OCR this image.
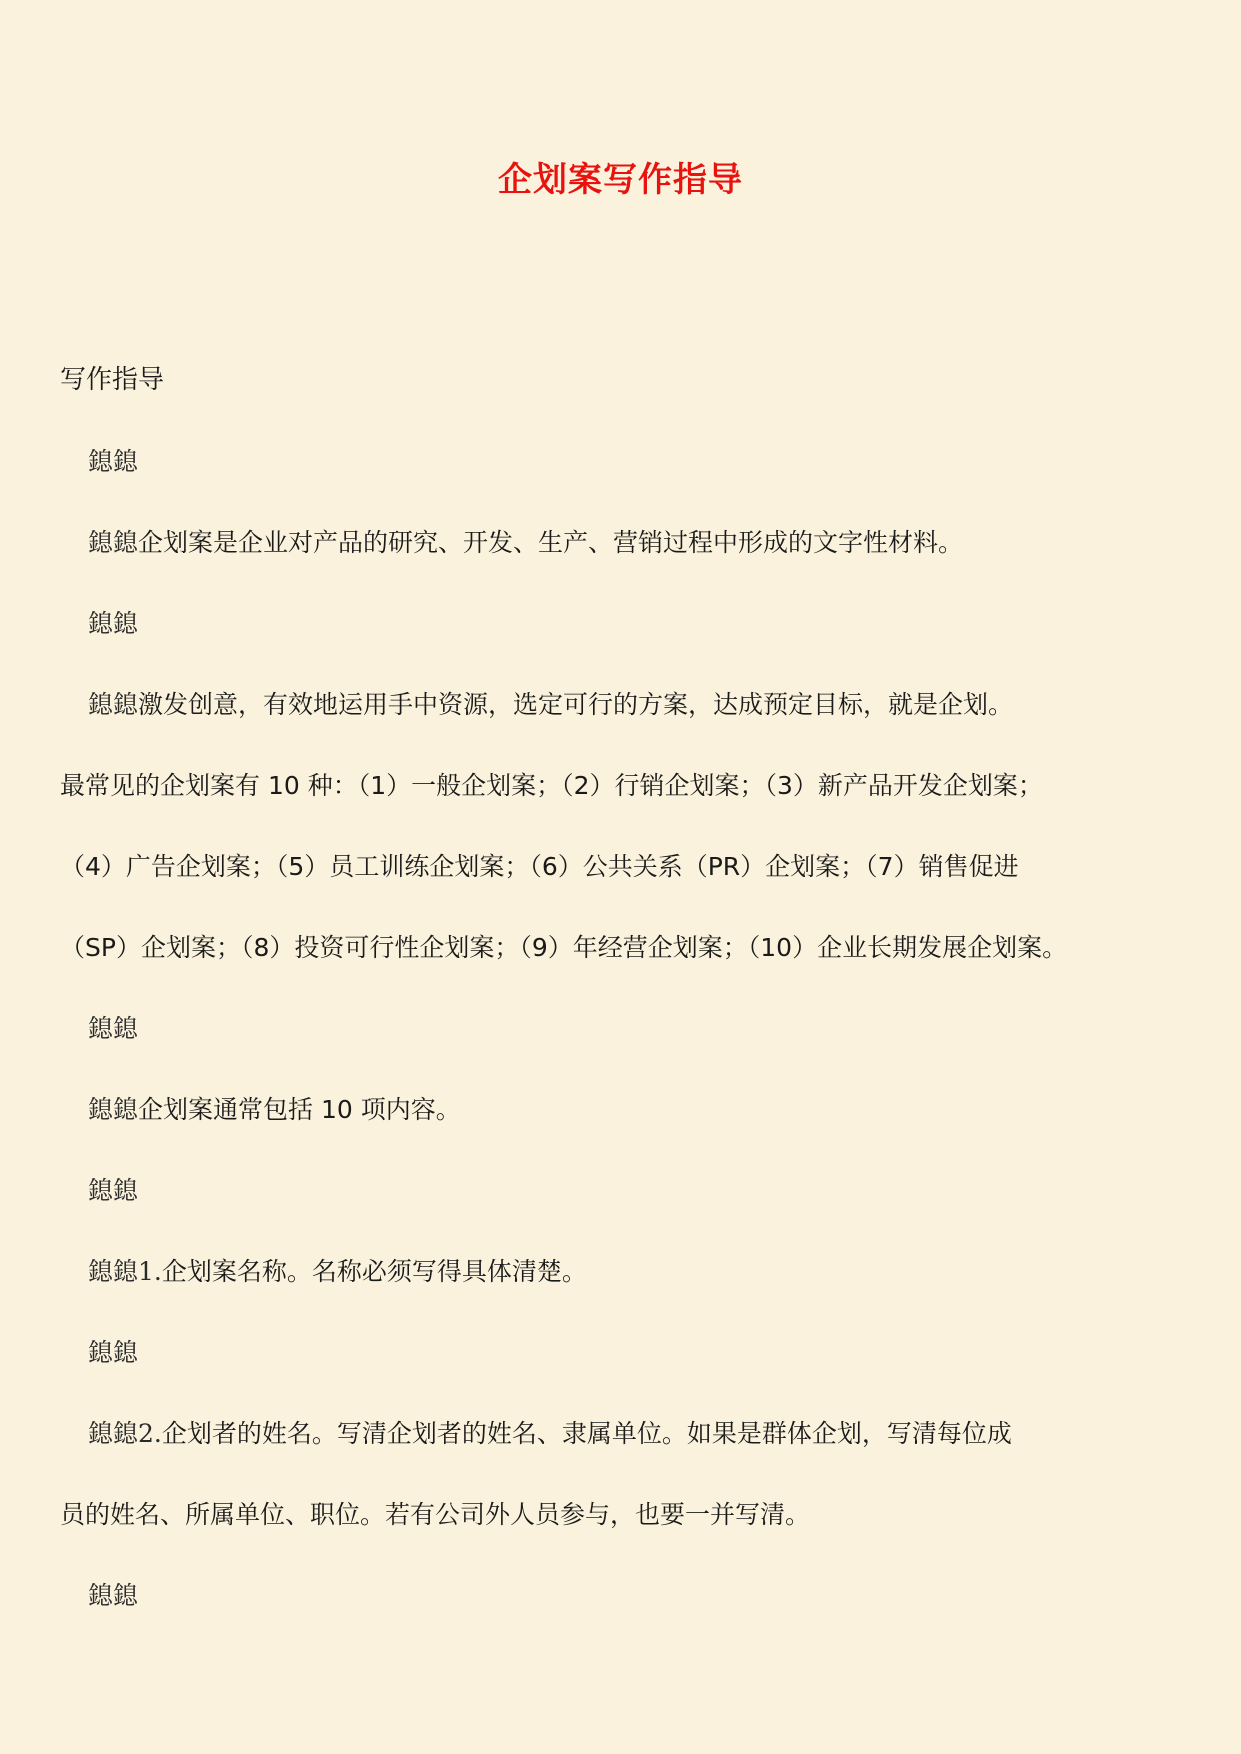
企划案写作指导
写作指导
鎴鎴
鎴鎴企划案是企业对产品的研究、开发、生产、营销过程中形成的文字性材料。
鎴鎴
鎴鎴激发创意，有效地运用手中资源，选定可行的方案，达成预定目标，就是企划。
最常见的企划案有 10 种：（1）一般企划案；（2）行销企划案；（3）新产品开发企划案；
（4）广告企划案；（5）员工训练企划案；（6）公共关系（PR）企划案；（7）销售促进
（SP）企划案；（8）投资可行性企划案；（9）年经营企划案；（10）企业长期发展企划案。
鎴鎴
鎴鎴企划案通常包括 10 项内容。
鎴鎴
鎴鎴1.企划案名称。名称必须写得具体清楚。
鎴鎴
鎴鎴2.企划者的姓名。写清企划者的姓名、隶属单位。如果是群体企划，写清每位成
员的姓名、所属单位、职位。若有公司外人员参与，也要一并写清。
鎴鎴
